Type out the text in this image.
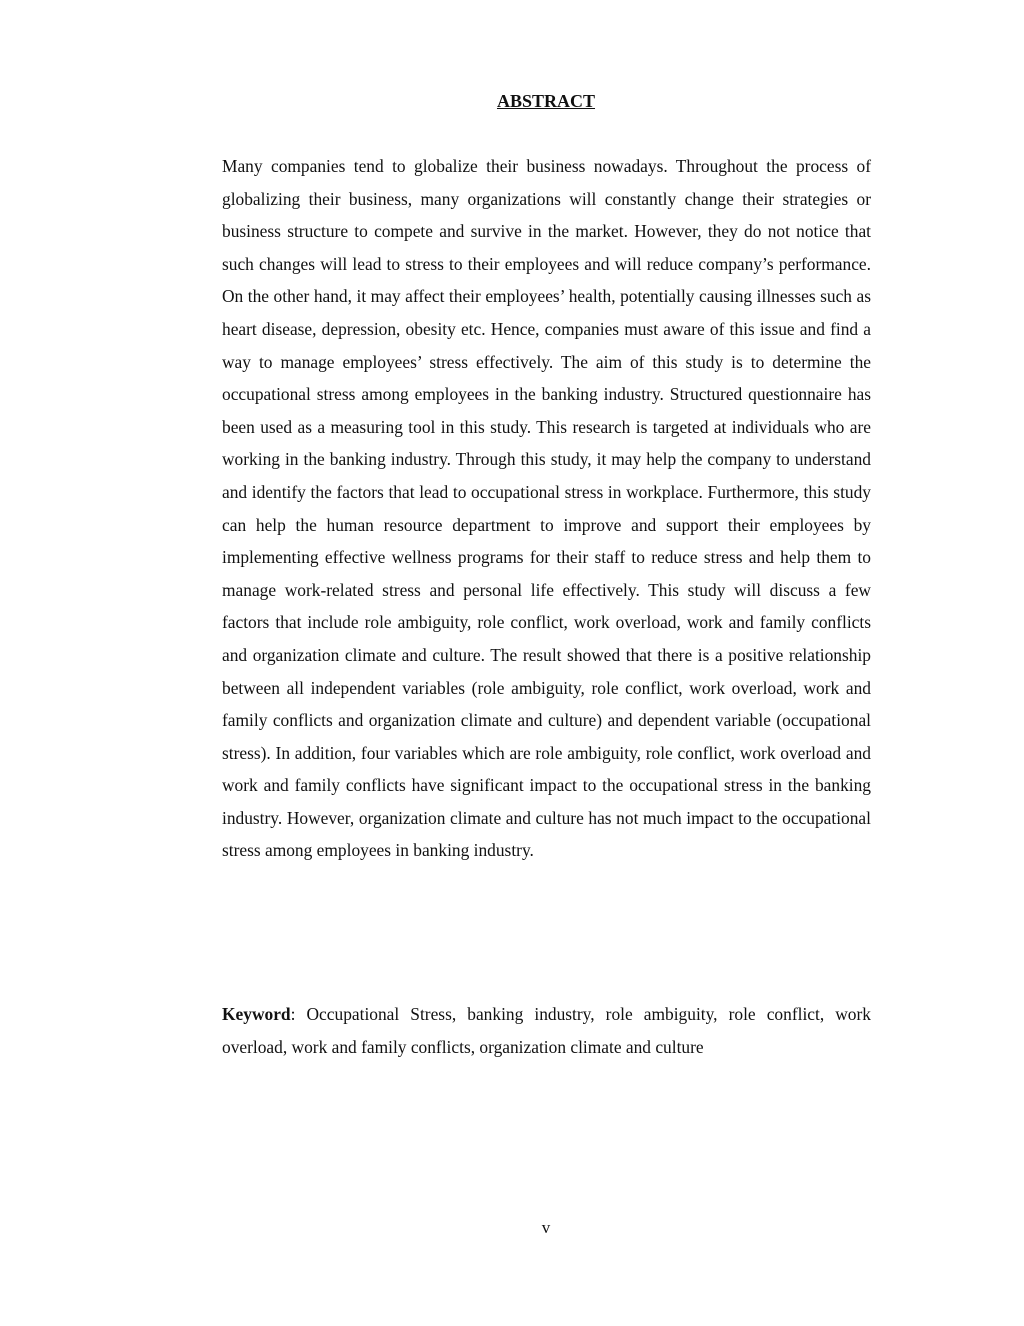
ABSTRACT

Many companies tend to globalize their business nowadays. Throughout the process of globalizing their business, many organizations will constantly change their strategies or business structure to compete and survive in the market. However, they do not notice that such changes will lead to stress to their employees and will reduce company’s performance. On the other hand, it may affect their employees’ health, potentially causing illnesses such as heart disease, depression, obesity etc. Hence, companies must aware of this issue and find a way to manage employees’ stress effectively. The aim of this study is to determine the occupational stress among employees in the banking industry. Structured questionnaire has been used as a measuring tool in this study. This research is targeted at individuals who are working in the banking industry. Through this study, it may help the company to understand and identify the factors that lead to occupational stress in workplace. Furthermore, this study can help the human resource department to improve and support their employees by implementing effective wellness programs for their staff to reduce stress and help them to manage work-related stress and personal life effectively. This study will discuss a few factors that include role ambiguity, role conflict, work overload, work and family conflicts and organization climate and culture. The result showed that there is a positive relationship between all independent variables (role ambiguity, role conflict, work overload, work and family conflicts and organization climate and culture) and dependent variable (occupational stress). In addition, four variables which are role ambiguity, role conflict, work overload and work and family conflicts have significant impact to the occupational stress in the banking industry. However, organization climate and culture has not much impact to the occupational stress among employees in banking industry.

Keyword: Occupational Stress, banking industry, role ambiguity, role conflict, work overload, work and family conflicts, organization climate and culture

v
